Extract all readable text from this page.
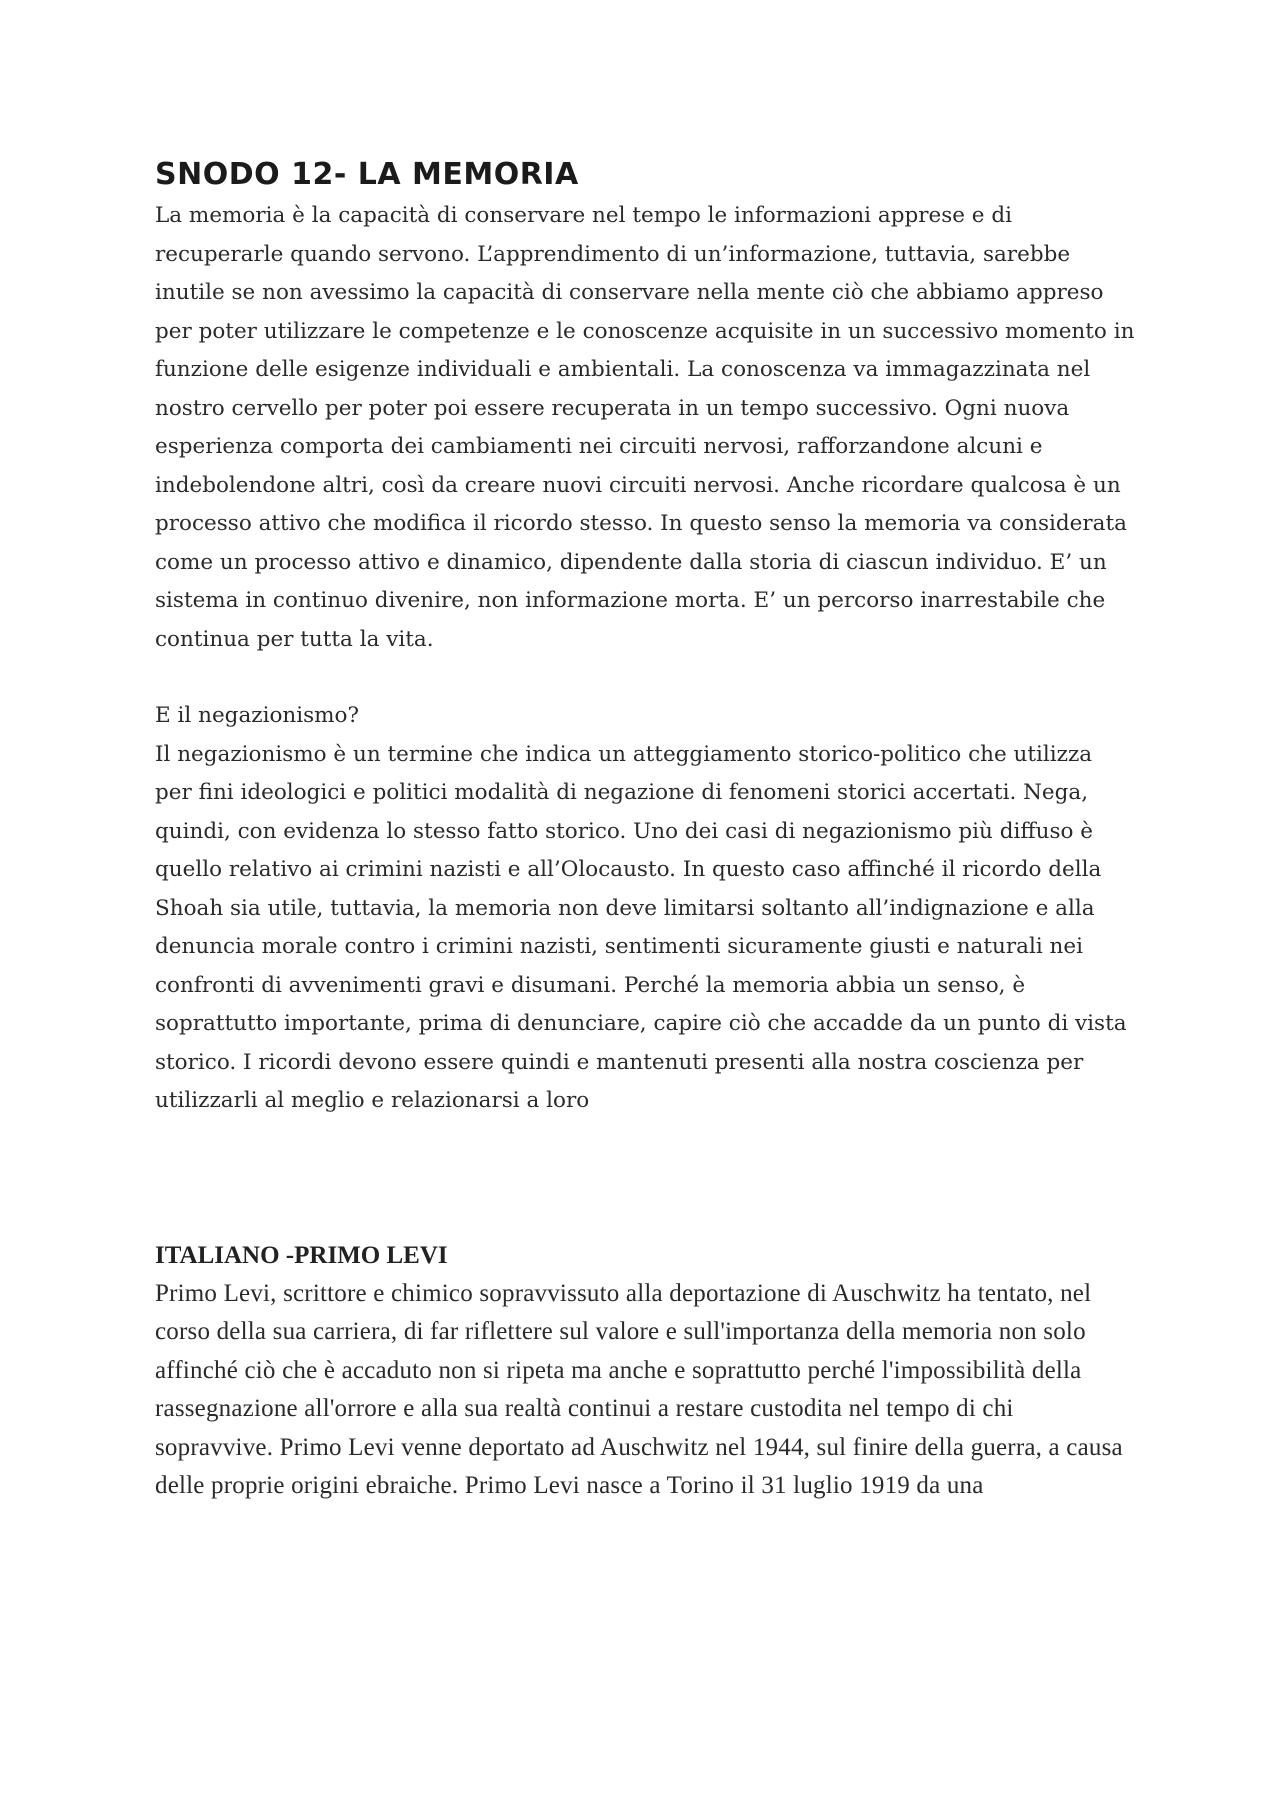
SNODO 12- LA MEMORIA

La memoria è la capacità di conservare nel tempo le informazioni apprese e di recuperarle quando servono. L’apprendimento di un’informazione, tuttavia, sarebbe inutile se non avessimo la capacità di conservare nella mente ciò che abbiamo appreso per poter utilizzare le competenze e le conoscenze acquisite in un successivo momento in funzione delle esigenze individuali e ambientali. La conoscenza va immagazzinata nel nostro cervello per poter poi essere recuperata in un tempo successivo. Ogni nuova esperienza comporta dei cambiamenti nei circuiti nervosi, rafforzandone alcuni e indebolendone altri, così da creare nuovi circuiti nervosi. Anche ricordare qualcosa è un processo attivo che modifica il ricordo stesso. In questo senso la memoria va considerata come un processo attivo e dinamico, dipendente dalla storia di ciascun individuo. E’ un sistema in continuo divenire, non informazione morta. E’ un percorso inarrestabile che continua per tutta la vita.

E il negazionismo?

Il negazionismo è un termine che indica un atteggiamento storico-politico che utilizza per fini ideologici e politici modalità di negazione di fenomeni storici accertati. Nega, quindi, con evidenza lo stesso fatto storico. Uno dei casi di negazionismo più diffuso è quello relativo ai crimini nazisti e all’Olocausto. In questo caso affinché il ricordo della Shoah sia utile, tuttavia, la memoria non deve limitarsi soltanto all’indignazione e alla denuncia morale contro i crimini nazisti, sentimenti sicuramente giusti e naturali nei confronti di avvenimenti gravi e disumani. Perché la memoria abbia un senso, è soprattutto importante, prima di denunciare, capire ciò che accadde da un punto di vista storico. I ricordi devono essere quindi e mantenuti presenti alla nostra coscienza per utilizzarli al meglio e relazionarsi a loro

ITALIANO -PRIMO LEVI

Primo Levi, scrittore e chimico sopravvissuto alla deportazione di Auschwitz ha tentato, nel corso della sua carriera, di far riflettere sul valore e sull'importanza della memoria non solo affinché ciò che è accaduto non si ripeta ma anche e soprattutto perché l'impossibilità della rassegnazione all'orrore e alla sua realtà continui a restare custodita nel tempo di chi sopravvive. Primo Levi venne deportato ad Auschwitz nel 1944, sul finire della guerra, a causa delle proprie origini ebraiche. Primo Levi nasce a Torino il 31 luglio 1919 da una
